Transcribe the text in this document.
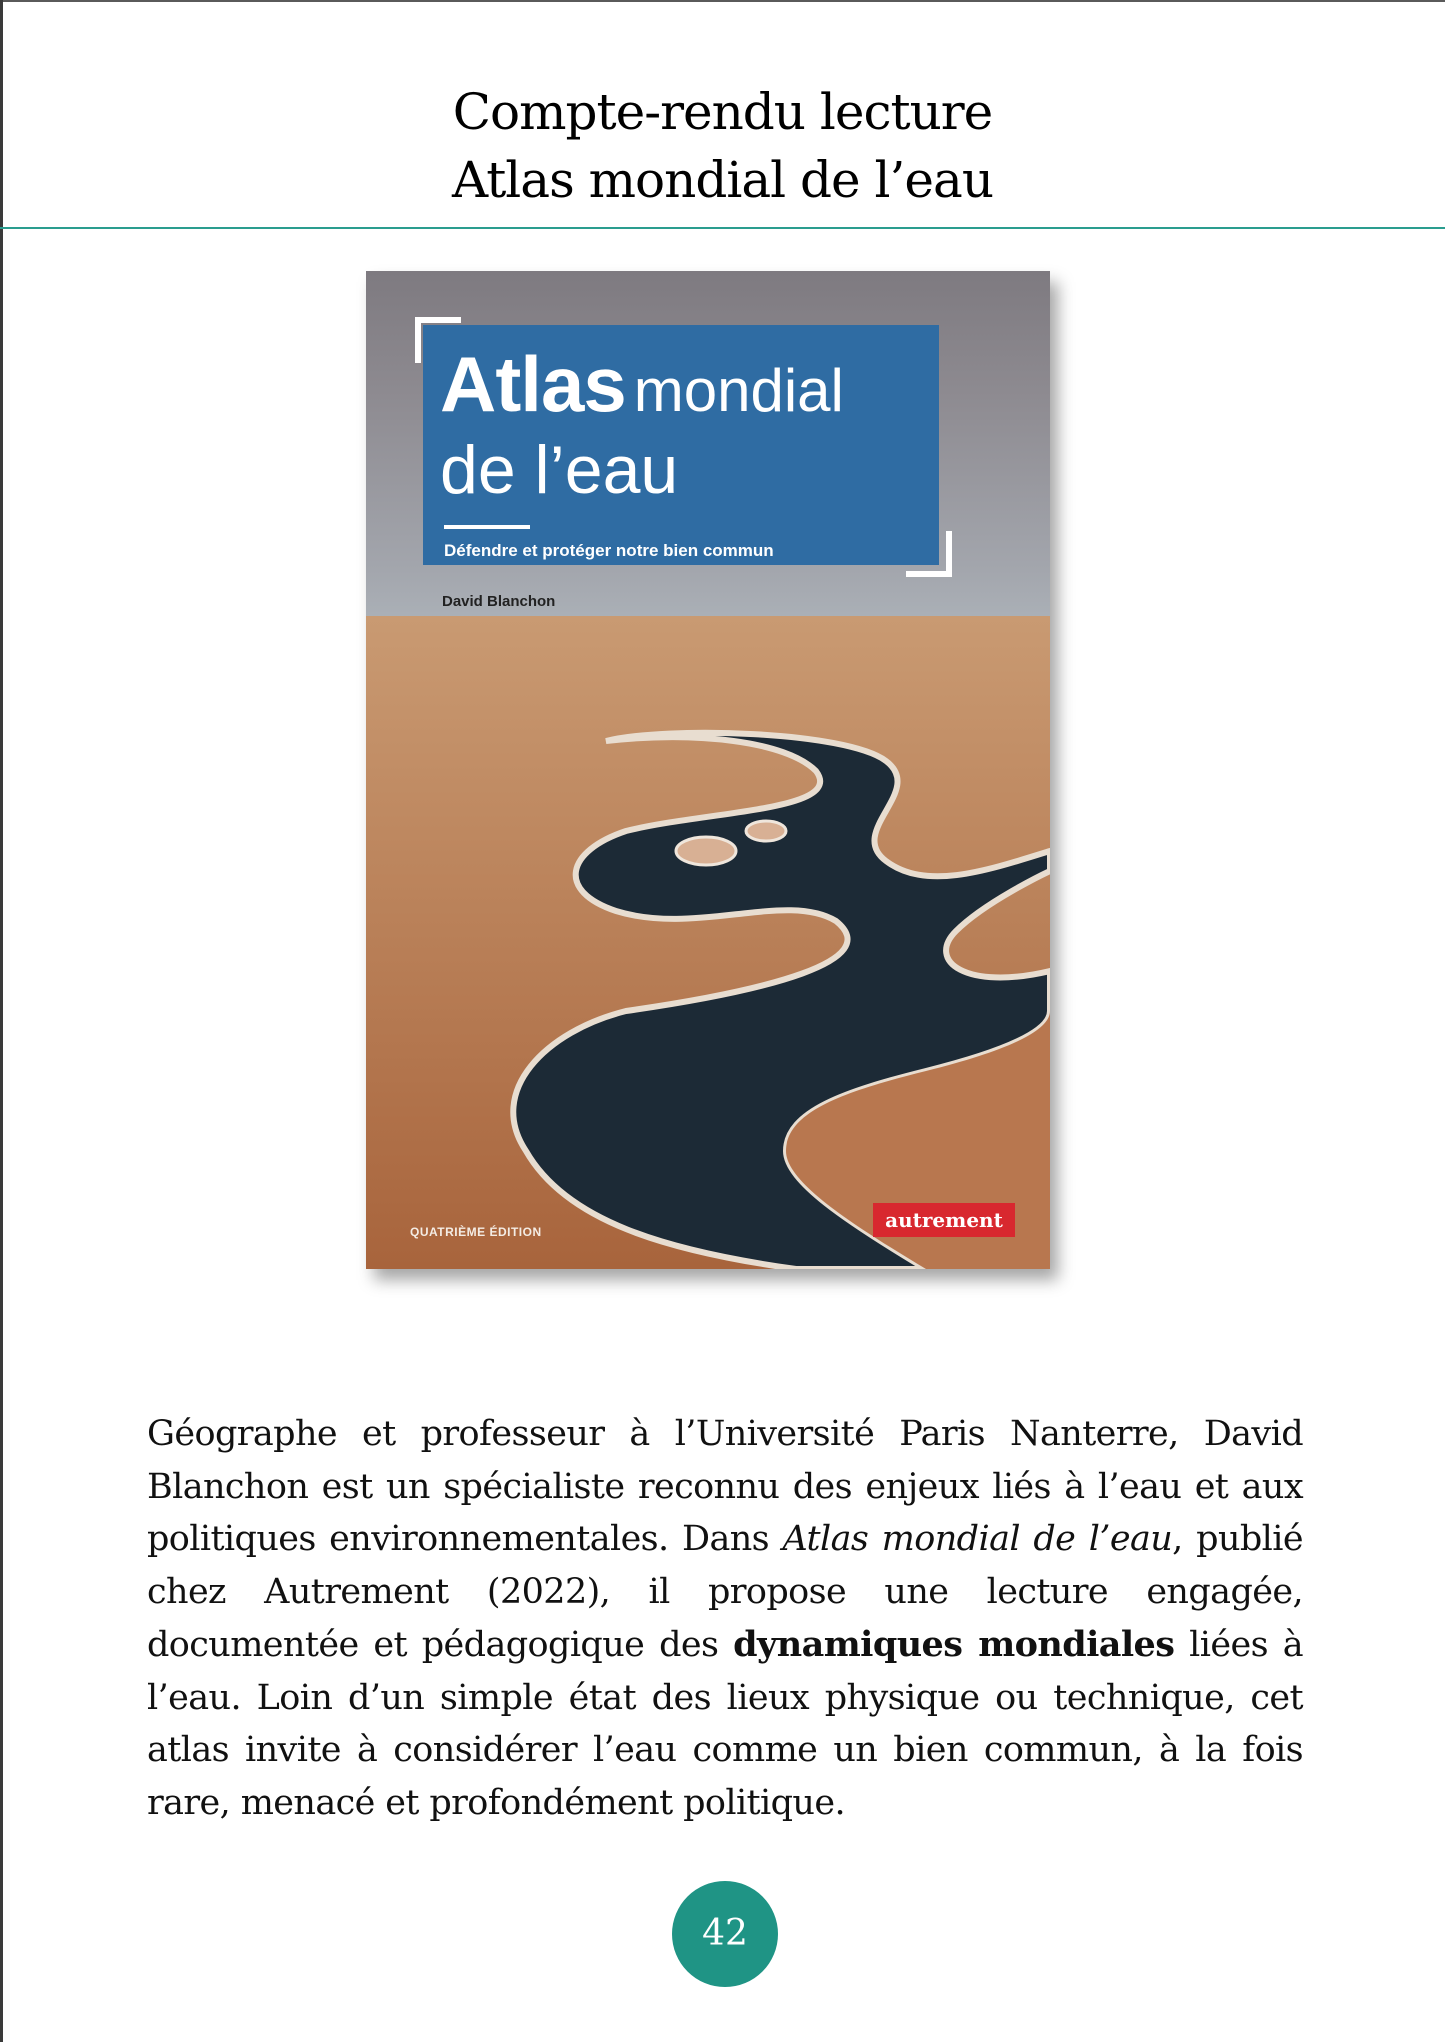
Compte-rendu lecture
Atlas mondial de l’eau
Atlas mondial
de l’eau
Défendre et protéger notre bien commun
David Blanchon
QUATRIÈME ÉDITION	autrement

Géographe et professeur à l’Université Paris Nanterre, David Blanchon est un spécialiste reconnu des enjeux liés à l’eau et aux politiques environnementales. Dans Atlas mondial de l’eau, publié chez Autrement (2022), il propose une lecture engagée, documentée et pédagogique des dynamiques mondiales liées à l’eau. Loin d’un simple état des lieux physique ou technique, cet atlas invite à considérer l’eau comme un bien commun, à la fois rare, menacé et profondément politique.

42
